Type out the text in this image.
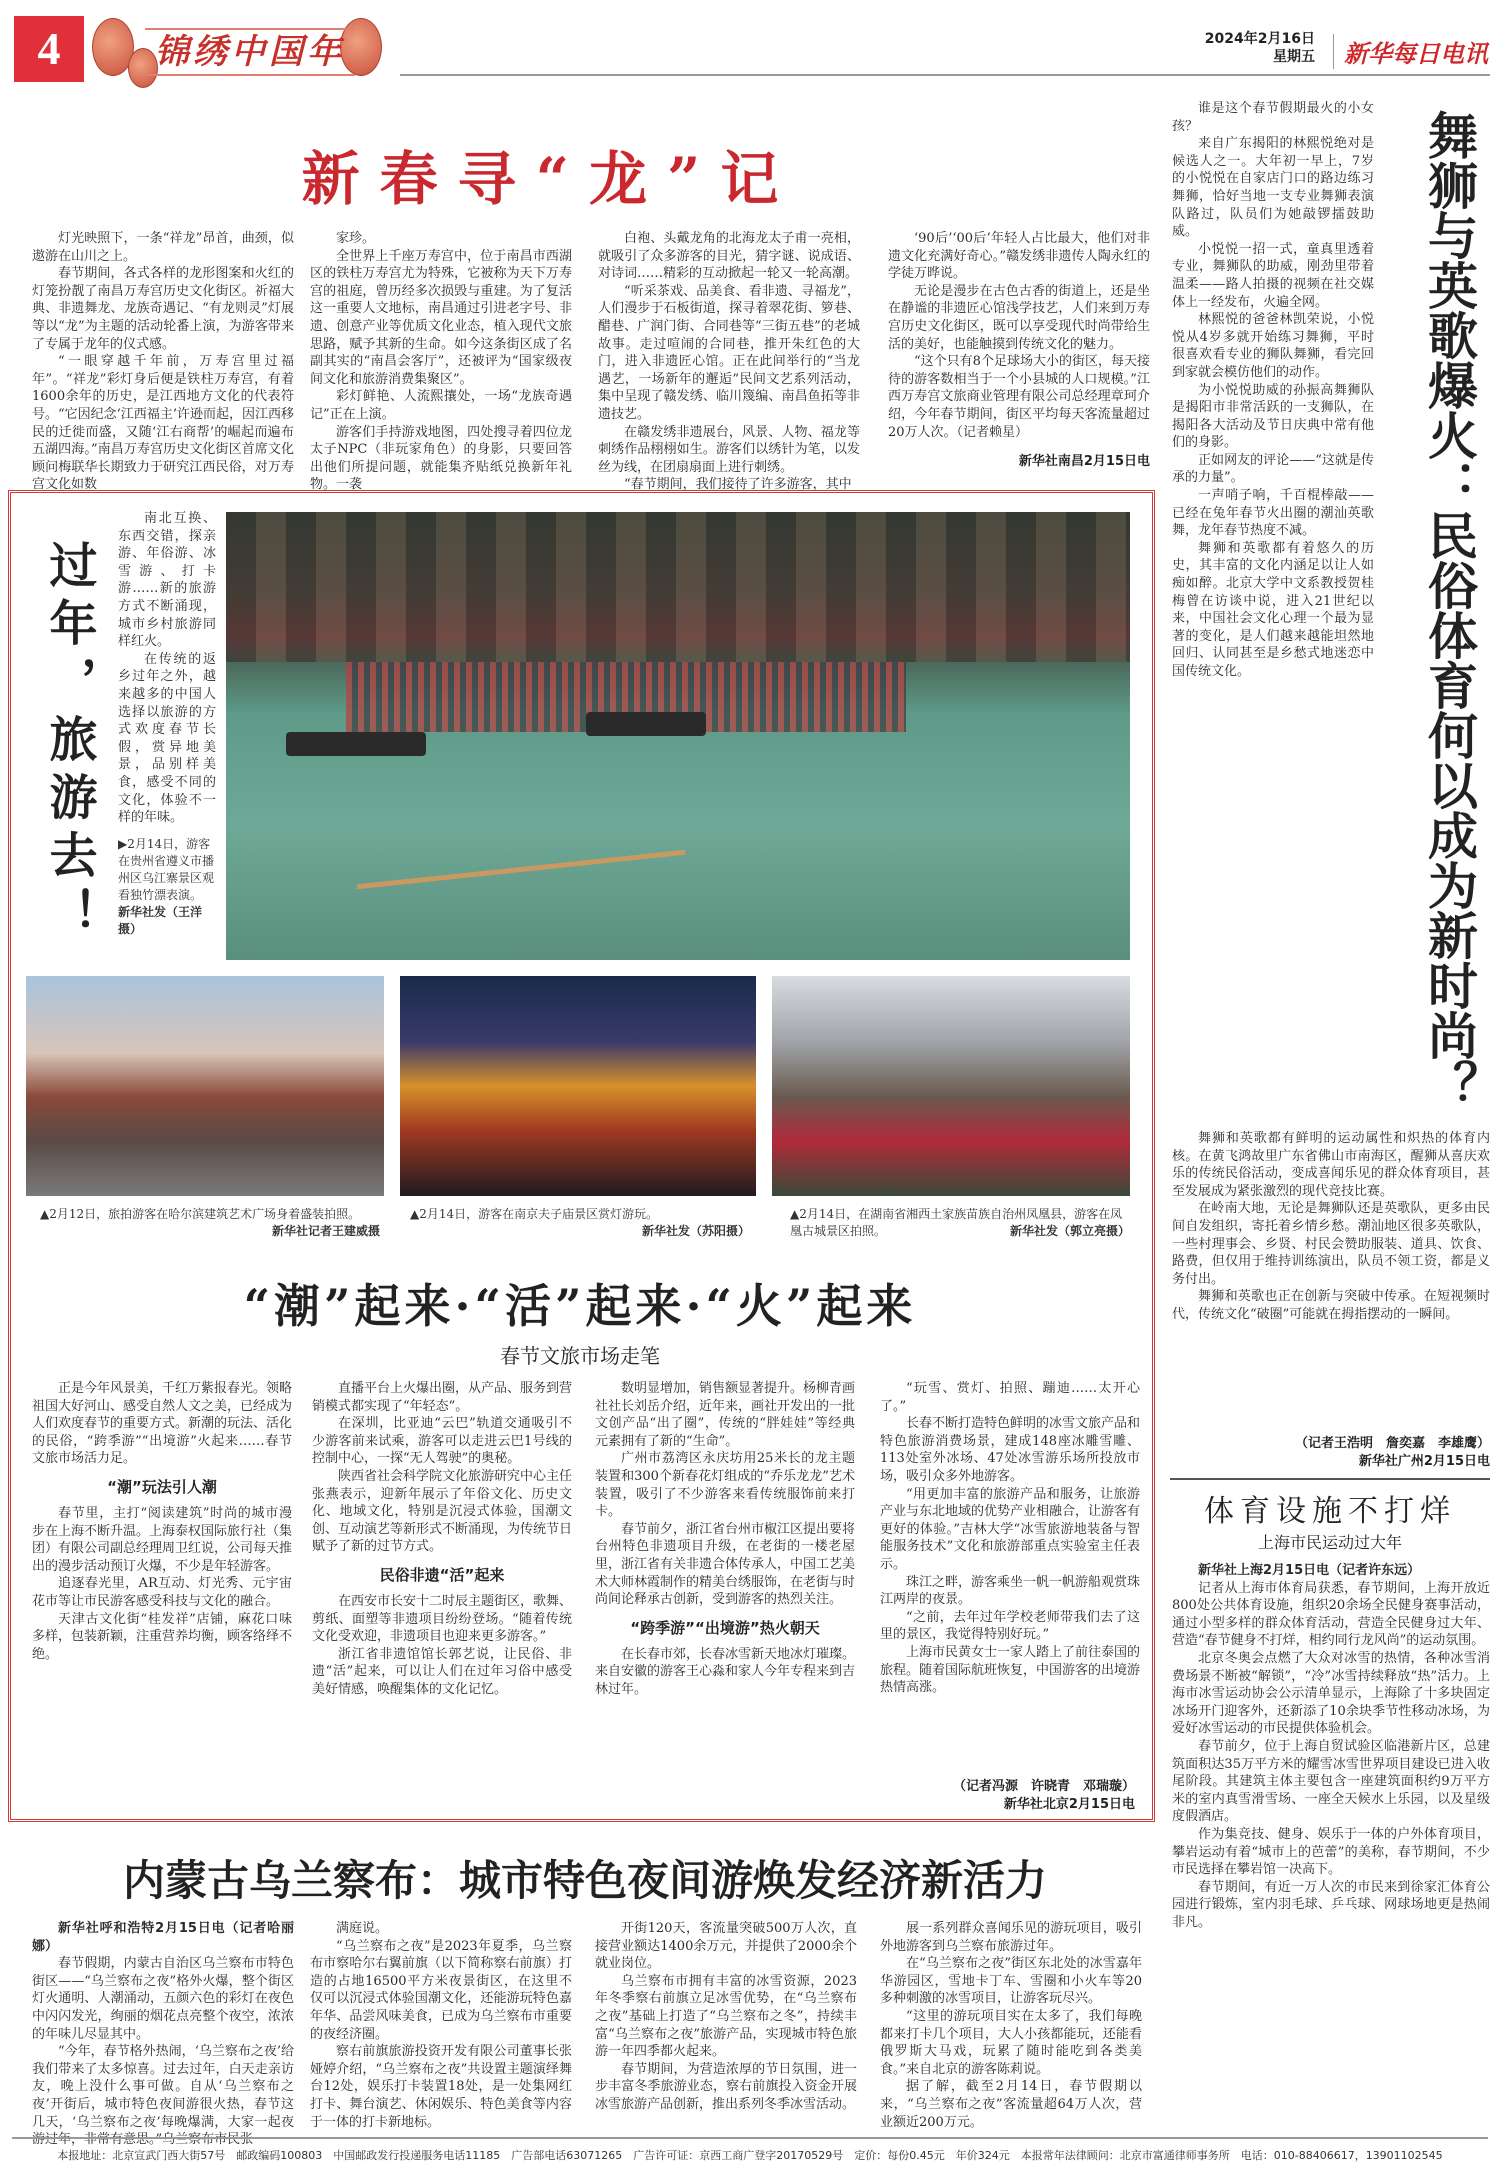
4	锦绣中国年	2024年2月16日
星期五	新华每日电讯
新春寻“龙”记
灯光映照下，一条“祥龙”昂首，曲颈，似遨游在山川之上。
春节期间，各式各样的龙形图案和火红的灯笼扮靓了南昌万寿宫历史文化街区。祈福大典、非遗舞龙、龙族奇遇记、“有龙则灵”灯展等以“龙”为主题的活动轮番上演，为游客带来了专属于龙年的仪式感。
“一眼穿越千年前，万寿宫里过福年”。“祥龙”彩灯身后便是铁柱万寿宫，有着1600余年的历史，是江西地方文化的代表符号。“它因纪念‘江西福主’许逊而起，因江西移民的迁徙而盛，又随‘江右商帮’的崛起而遍布五湖四海。”南昌万寿宫历史文化街区首席文化顾问梅联华长期致力于研究江西民俗，对万寿宫文化如数
家珍。
全世界上千座万寿宫中，位于南昌市西湖区的铁柱万寿宫尤为特殊，它被称为天下万寿宫的祖庭，曾历经多次损毁与重建。为了复活这一重要人文地标，南昌通过引进老字号、非遗、创意产业等优质文化业态，植入现代文旅思路，赋予其新的生命。如今这条街区成了名副其实的“南昌会客厅”，还被评为“国家级夜间文化和旅游消费集聚区”。
彩灯鲜艳、人流熙攘处，一场“龙族奇遇记”正在上演。
游客们手持游戏地图，四处搜寻着四位龙太子NPC（非玩家角色）的身影，只要回答出他们所提问题，就能集齐贴纸兑换新年礼物。一袭
白袍、头戴龙角的北海龙太子甫一亮相，就吸引了众多游客的目光，猜字谜、说成语、对诗词……精彩的互动掀起一轮又一轮高潮。
“听采茶戏、品美食、看非遗、寻福龙”，人们漫步于石板街道，探寻着翠花街、箩巷、醋巷、广润门街、合同巷等“三街五巷”的老城故事。走过喧闹的合同巷，推开朱红色的大门，进入非遗匠心馆。正在此间举行的“当龙遇艺，一场新年的邂逅”民间文艺系列活动，集中呈现了赣发绣、临川篾编、南昌鱼拓等非遗技艺。
在赣发绣非遗展台，风景、人物、福龙等刺绣作品栩栩如生。游客们以绣针为笔，以发丝为线，在团扇扇面上进行刺绣。
“春节期间，我们接待了许多游客，其中
‘90后’‘00后’年轻人占比最大，他们对非遗文化充满好奇心。”赣发绣非遗传人陶永红的学徒万晔说。
无论是漫步在古色古香的街道上，还是坐在静谧的非遗匠心馆浅学技艺，人们来到万寿宫历史文化街区，既可以享受现代时尚带给生活的美好，也能触摸到传统文化的魅力。
“这个只有8个足球场大小的街区，每天接待的游客数相当于一个小县城的人口规模。”江西万寿宫文旅商业管理有限公司总经理章珂介绍，今年春节期间，街区平均每天客流量超过20万人次。（记者赖星）
新华社南昌2月15日电
谁是这个春节假期最火的小女孩？
来自广东揭阳的林熙悦绝对是候选人之一。大年初一早上，7岁的小悦悦在自家店门口的路边练习舞狮，恰好当地一支专业舞狮表演队路过，队员们为她敲锣擂鼓助威。
小悦悦一招一式，童真里透着专业，舞狮队的助威，刚劲里带着温柔——路人拍摄的视频在社交媒体上一经发布，火遍全网。
林熙悦的爸爸林凯荣说，小悦悦从4岁多就开始练习舞狮，平时很喜欢看专业的狮队舞狮，看完回到家就会模仿他们的动作。
为小悦悦助威的孙振高舞狮队是揭阳市非常活跃的一支狮队，在揭阳各大活动及节日庆典中常有他们的身影。
正如网友的评论——“这就是传承的力量”。
一声哨子响，千百棍棒敲——已经在兔年春节火出圈的潮汕英歌舞，龙年春节热度不减。
舞狮和英歌都有着悠久的历史，其丰富的文化内涵足以让人如痴如醉。北京大学中文系教授贺桂梅曾在访谈中说，进入21世纪以来，中国社会文化心理一个最为显著的变化，是人们越来越能坦然地回归、认同甚至是乡愁式地迷恋中国传统文化。	舞狮与英歌爆火：民俗体育何以成为新时尚？
舞狮和英歌都有鲜明的运动属性和炽热的体育内核。在黄飞鸿故里广东省佛山市南海区，醒狮从喜庆欢乐的传统民俗活动，变成喜闻乐见的群众体育项目，甚至发展成为紧张激烈的现代竞技比赛。
在岭南大地，无论是舞狮队还是英歌队，更多由民间自发组织，寄托着乡情乡愁。潮汕地区很多英歌队，一些村理事会、乡贤、村民会赞助服装、道具、饮食、路费，但仅用于维持训练演出，队员不领工资，都是义务付出。
舞狮和英歌也正在创新与突破中传承。在短视频时代，传统文化“破圈”可能就在拇指摆动的一瞬间。
（记者王浩明　詹奕嘉　李雄鹰）
新华社广州2月15日电
体育设施不打烊
上海市民运动过大年
新华社上海2月15日电（记者许东远）
记者从上海市体育局获悉，春节期间，上海开放近800处公共体育设施，组织20余场全民健身赛事活动，通过小型多样的群众体育活动，营造全民健身过大年、营造“春节健身不打烊，相约同行龙风尚”的运动氛围。
北京冬奥会点燃了大众对冰雪的热情，各种冰雪消费场景不断被“解锁”，“冷”冰雪持续释放“热”活力。上海市冰雪运动协会公示清单显示，上海除了十多块固定冰场开门迎客外，还新添了10余块季节性移动冰场，为爱好冰雪运动的市民提供体验机会。
春节前夕，位于上海自贸试验区临港新片区，总建筑面积达35万平方米的耀雪冰雪世界项目建设已进入收尾阶段。其建筑主体主要包含一座建筑面积约9万平方米的室内真雪滑雪场、一座全天候水上乐园，以及星级度假酒店。
作为集竞技、健身、娱乐于一体的户外体育项目，攀岩运动有着“城市上的芭蕾”的美称，春节期间，不少市民选择在攀岩馆一决高下。
春节期间，有近一万人次的市民来到徐家汇体育公园进行锻炼，室内羽毛球、乒乓球、网球场地更是热闹非凡。
过年，旅游去！
南北互换、东西交错，探亲游、年俗游、冰雪游、打卡游……新的旅游方式不断涌现，城市乡村旅游同样红火。
在传统的返乡过年之外，越来越多的中国人选择以旅游的方式欢度春节长假，赏异地美景，品别样美食，感受不同的文化，体验不一样的年味。
▶2月14日，游客在贵州省遵义市播州区乌江寨景区观看独竹漂表演。
新华社发（王洋摄）
▲2月12日，旅拍游客在哈尔滨建筑艺术广场身着盛装拍照。
新华社记者王建威摄
▲2月14日，游客在南京夫子庙景区赏灯游玩。

新华社发（苏阳摄）
▲2月14日，在湖南省湘西土家族苗族自治州凤凰县，游客在凤凰古城景区拍照。	新华社发（郭立亮摄）
“潮”起来·“活”起来·“火”起来
春节文旅市场走笔
正是今年风景美，千红万紫报春光。领略祖国大好河山、感受自然人文之美，已经成为人们欢度春节的重要方式。新潮的玩法、活化的民俗，“跨季游”“出境游”火起来……春节文旅市场活力足。
“潮”玩法引人潮
春节里，主打“阅读建筑”时尚的城市漫步在上海不断升温。上海泰权国际旅行社（集团）有限公司副总经理周卫红说，公司每天推出的漫步活动预订火爆，不少是年轻游客。
追逐春光里，AR互动、灯光秀、元宇宙花市等让市民游客感受科技与文化的融合。
天津古文化街“桂发祥”店铺，麻花口味多样，包装新颖，注重营养均衡，顾客络绎不绝。
直播平台上火爆出圈，从产品、服务到营销模式都实现了“年轻态”。
在深圳，比亚迪“云巴”轨道交通吸引不少游客前来试乘，游客可以走进云巴1号线的控制中心，一探“无人驾驶”的奥秘。
陕西省社会科学院文化旅游研究中心主任张燕表示，迎新年展示了年俗文化、历史文化、地域文化，特别是沉浸式体验，国潮文创、互动演艺等新形式不断涌现，为传统节日赋予了新的过节方式。
民俗非遗“活”起来
在西安市长安十二时辰主题街区，歌舞、剪纸、面塑等非遗项目纷纷登场。“随着传统文化受欢迎，非遗项目也迎来更多游客。”
浙江省非遗馆馆长郭艺说，让民俗、非遗“活”起来，可以让人们在过年习俗中感受美好情感，唤醒集体的文化记忆。
数明显增加，销售额显著提升。杨柳青画社社长刘岳介绍，近年来，画社开发出的一批文创产品“出了圈”，传统的“胖娃娃”等经典元素拥有了新的“生命”。
广州市荔湾区永庆坊用25米长的龙主题装置和300个新春花灯组成的“乔乐龙龙”艺术装置，吸引了不少游客来看传统服饰前来打卡。
春节前夕，浙江省台州市椒江区提出要将台州特色非遗项目升级，在老街的一楼老屋里，浙江省有关非遗合体传承人，中国工艺美术大师林霞制作的精美台绣服饰，在老街与时尚间论释承古创新，受到游客的热烈关注。
“跨季游”“出境游”热火朝天
在长春市郊，长春冰雪新天地冰灯璀璨。来自安徽的游客王心淼和家人今年专程来到吉林过年。
“玩雪、赏灯、拍照、蹦迪……太开心了。”
长春不断打造特色鲜明的冰雪文旅产品和特色旅游消费场景，建成148座冰雕雪雕、113处室外冰场、47处冰雪游乐场所投放市场，吸引众多外地游客。
“用更加丰富的旅游产品和服务，让旅游产业与东北地域的优势产业相融合，让游客有更好的体验。”吉林大学“冰雪旅游地装备与智能服务技术”文化和旅游部重点实验室主任表示。
珠江之畔，游客乘坐一帆一帆游船观赏珠江两岸的夜景。
“之前，去年过年学校老师带我们去了这里的景区，我觉得特别好玩。”
上海市民黄女士一家人踏上了前往泰国的旅程。随着国际航班恢复，中国游客的出境游热情高涨。
（记者冯源　许晓青　邓瑞璇）
新华社北京2月15日电
内蒙古乌兰察布：城市特色夜间游焕发经济新活力
新华社呼和浩特2月15日电（记者哈丽娜）
春节假期，内蒙古自治区乌兰察布市特色街区——“乌兰察布之夜”格外火爆，整个街区灯火通明、人潮涌动，五颜六色的彩灯在夜色中闪闪发光，绚丽的烟花点亮整个夜空，浓浓的年味儿尽显其中。
“今年，春节格外热闹，‘乌兰察布之夜’给我们带来了太多惊喜。过去过年，白天走亲访友，晚上没什么事可做。自从‘乌兰察布之夜’开街后，城市特色夜间游很火热，春节这几天，‘乌兰察布之夜’每晚爆满，大家一起夜游过年，非常有意思。”乌兰察布市民张
满庭说。
“乌兰察布之夜”是2023年夏季，乌兰察布市察哈尔右翼前旗（以下简称察右前旗）打造的占地16500平方米夜景街区，在这里不仅可以沉浸式体验国潮文化，还能游玩特色嘉年华、品尝风味美食，已成为乌兰察布市重要的夜经济圈。
察右前旗旅游投资开发有限公司董事长张娅婷介绍，“乌兰察布之夜”共设置主题演绎舞台12处，娱乐打卡装置18处，是一处集网红打卡、舞台演艺、休闲娱乐、特色美食等内容于一体的打卡新地标。
开街120天，客流量突破500万人次，直接营业额达1400余万元，并提供了2000余个就业岗位。
乌兰察布市拥有丰富的冰雪资源，2023年冬季察右前旗立足冰雪优势，在“乌兰察布之夜”基础上打造了“乌兰察布之冬”，持续丰富“乌兰察布之夜”旅游产品，实现城市特色旅游一年四季都火起来。
春节期间，为营造浓厚的节日氛围，进一步丰富冬季旅游业态，察右前旗投入资金开展冰雪旅游产品创新，推出系列冬季冰雪活动。
展一系列群众喜闻乐见的游玩项目，吸引外地游客到乌兰察布旅游过年。
在“乌兰察布之夜”街区东北处的冰雪嘉年华游园区，雪地卡丁车、雪圈和小火车等20多种刺激的冰雪项目，让游客玩尽兴。
“这里的游玩项目实在太多了，我们每晚都来打卡几个项目，大人小孩都能玩，还能看俄罗斯大马戏，玩累了随时能吃到各类美食。”来自北京的游客陈莉说。
据了解，截至2月14日，春节假期以来，“乌兰察布之夜”客流量超64万人次，营业额近200万元。
本报地址：北京宣武门西大街57号　邮政编码100803　中国邮政发行投递服务电话11185　广告部电话63071265　广告许可证：京西工商广登字20170529号　定价：每份0.45元　年价324元　本报常年法律顾问：北京市富通律师事务所　电话：010-88406617，13901102545
